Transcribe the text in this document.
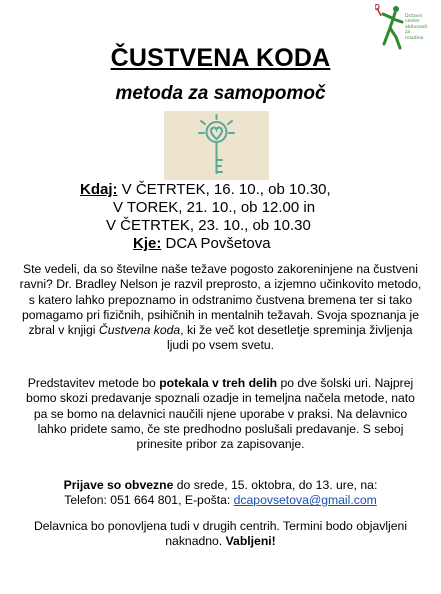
Državni
center
aktivnosti
za
mladino
ČUSTVENA KODA
metoda za samopomoč
Kdaj: V ČETRTEK, 16. 10., ob 10.30,
V TOREK, 21. 10., ob 12.00 in
V ČETRTEK, 23. 10., ob 10.30
Kje: DCA Povšetova
Ste vedeli, da so številne naše težave pogosto zakoreninjene na čustveni ravni? Dr. Bradley Nelson je razvil preprosto, a izjemno učinkovito metodo, s katero lahko prepoznamo in odstranimo čustvena bremena ter si tako pomagamo pri fizičnih, psihičnih in mentalnih težavah. Svoja spoznanja je zbral v knjigi Čustvena koda, ki že več kot desetletje spreminja življenja ljudi po vsem svetu.
Predstavitev metode bo potekala v treh delih po dve šolski uri. Najprej bomo skozi predavanje spoznali ozadje in temeljna načela metode, nato pa se bomo na delavnici naučili njene uporabe v praksi. Na delavnico lahko pridete samo, če ste predhodno poslušali predavanje. S seboj prinesite pribor za zapisovanje.
Prijave so obvezne do srede, 15. oktobra, do 13. ure, na:
Telefon: 051 664 801, E-pošta: dcapovsetova@gmail.com
Delavnica bo ponovljena tudi v drugih centrih. Termini bodo objavljeni naknadno. Vabljeni!
